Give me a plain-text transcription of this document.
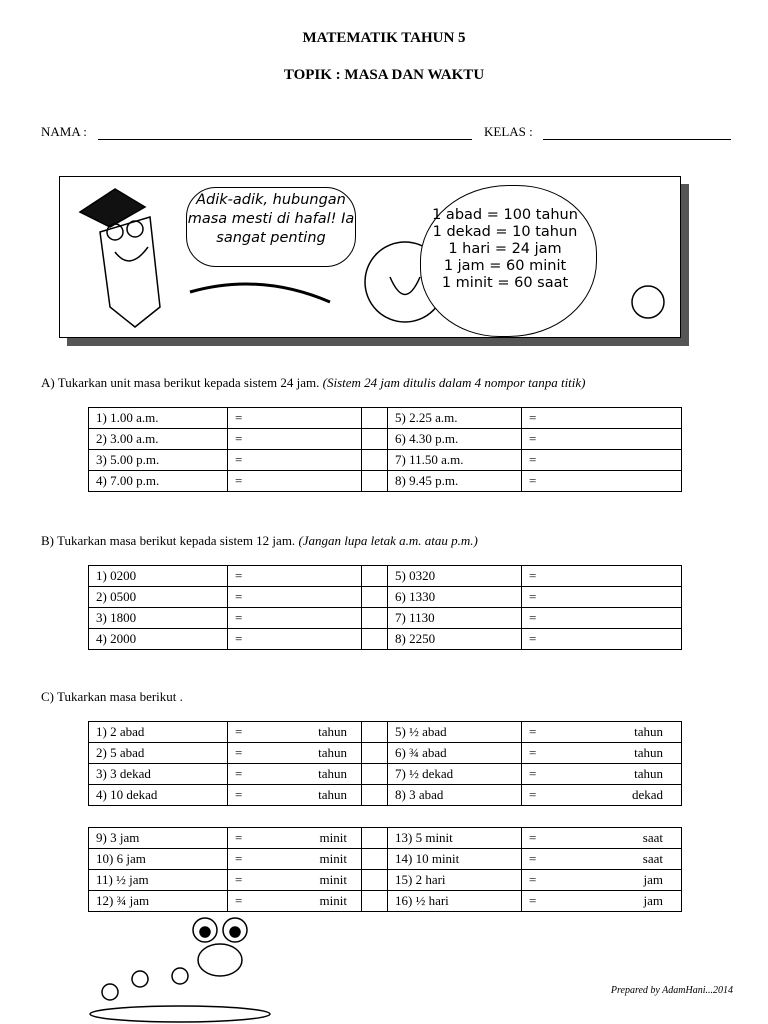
MATEMATIK TAHUN 5
TOPIK : MASA DAN WAKTU
NAMA :	KELAS :
Adik-adik, hubungan masa mesti di hafal! Ia sangat penting
1 abad = 100 tahun
1 dekad = 10 tahun
1 hari = 24 jam
1 jam = 60 minit
1 minit = 60 saat
A) Tukarkan unit masa berikut kepada sistem 24 jam. (Sistem 24 jam ditulis dalam 4 nompor tanpa titik)
1) 1.00 a.m.	=		5) 2.25 a.m.	=
2) 3.00 a.m.	=		6) 4.30 p.m.	=
3) 5.00 p.m.	=		7) 11.50 a.m.	=
4) 7.00 p.m.	=		8) 9.45 p.m.	=
B) Tukarkan masa berikut kepada sistem 12 jam. (Jangan lupa letak a.m. atau p.m.)
1) 0200	=		5) 0320	=
2) 0500	=		6) 1330	=
3) 1800	=		7) 1130	=
4) 2000	=		8) 2250	=
C) Tukarkan masa berikut .
1) 2 abad	= tahun		5) ½ abad	= tahun

2) 5 abad	= tahun		6) ¾ abad	= tahun

3) 3 dekad	= tahun		7) ½ dekad	= tahun

4) 10 dekad	= tahun		8) 3 abad	= dekad
9) 3 jam	= minit		13) 5 minit	= saat

10) 6 jam	= minit		14) 10 minit	= saat

11) ½ jam	= minit		15) 2 hari	= jam

12) ¾ jam	= minit		16) ½ hari	= jam
Prepared by AdamHani...2014
